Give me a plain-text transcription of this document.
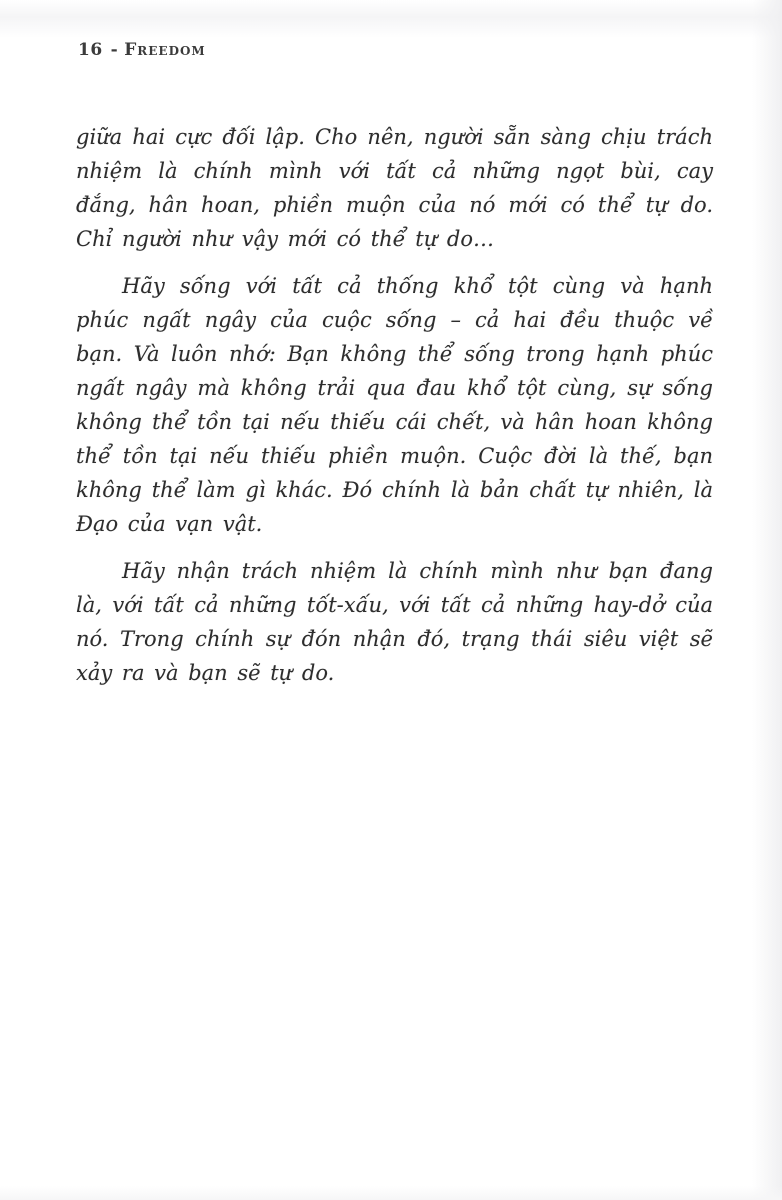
16 - Freedom

giữa hai cực đối lập. Cho nên, người sẵn sàng chịu trách nhiệm là chính mình với tất cả những ngọt bùi, cay đắng, hân hoan, phiền muộn của nó mới có thể tự do. Chỉ người như vậy mới có thể tự do…

Hãy sống với tất cả thống khổ tột cùng và hạnh phúc ngất ngây của cuộc sống – cả hai đều thuộc về bạn. Và luôn nhớ: Bạn không thể sống trong hạnh phúc ngất ngây mà không trải qua đau khổ tột cùng, sự sống không thể tồn tại nếu thiếu cái chết, và hân hoan không thể tồn tại nếu thiếu phiền muộn. Cuộc đời là thế, bạn không thể làm gì khác. Đó chính là bản chất tự nhiên, là Đạo của vạn vật.

Hãy nhận trách nhiệm là chính mình như bạn đang là, với tất cả những tốt-xấu, với tất cả những hay-dở của nó. Trong chính sự đón nhận đó, trạng thái siêu việt sẽ xảy ra và bạn sẽ tự do.
